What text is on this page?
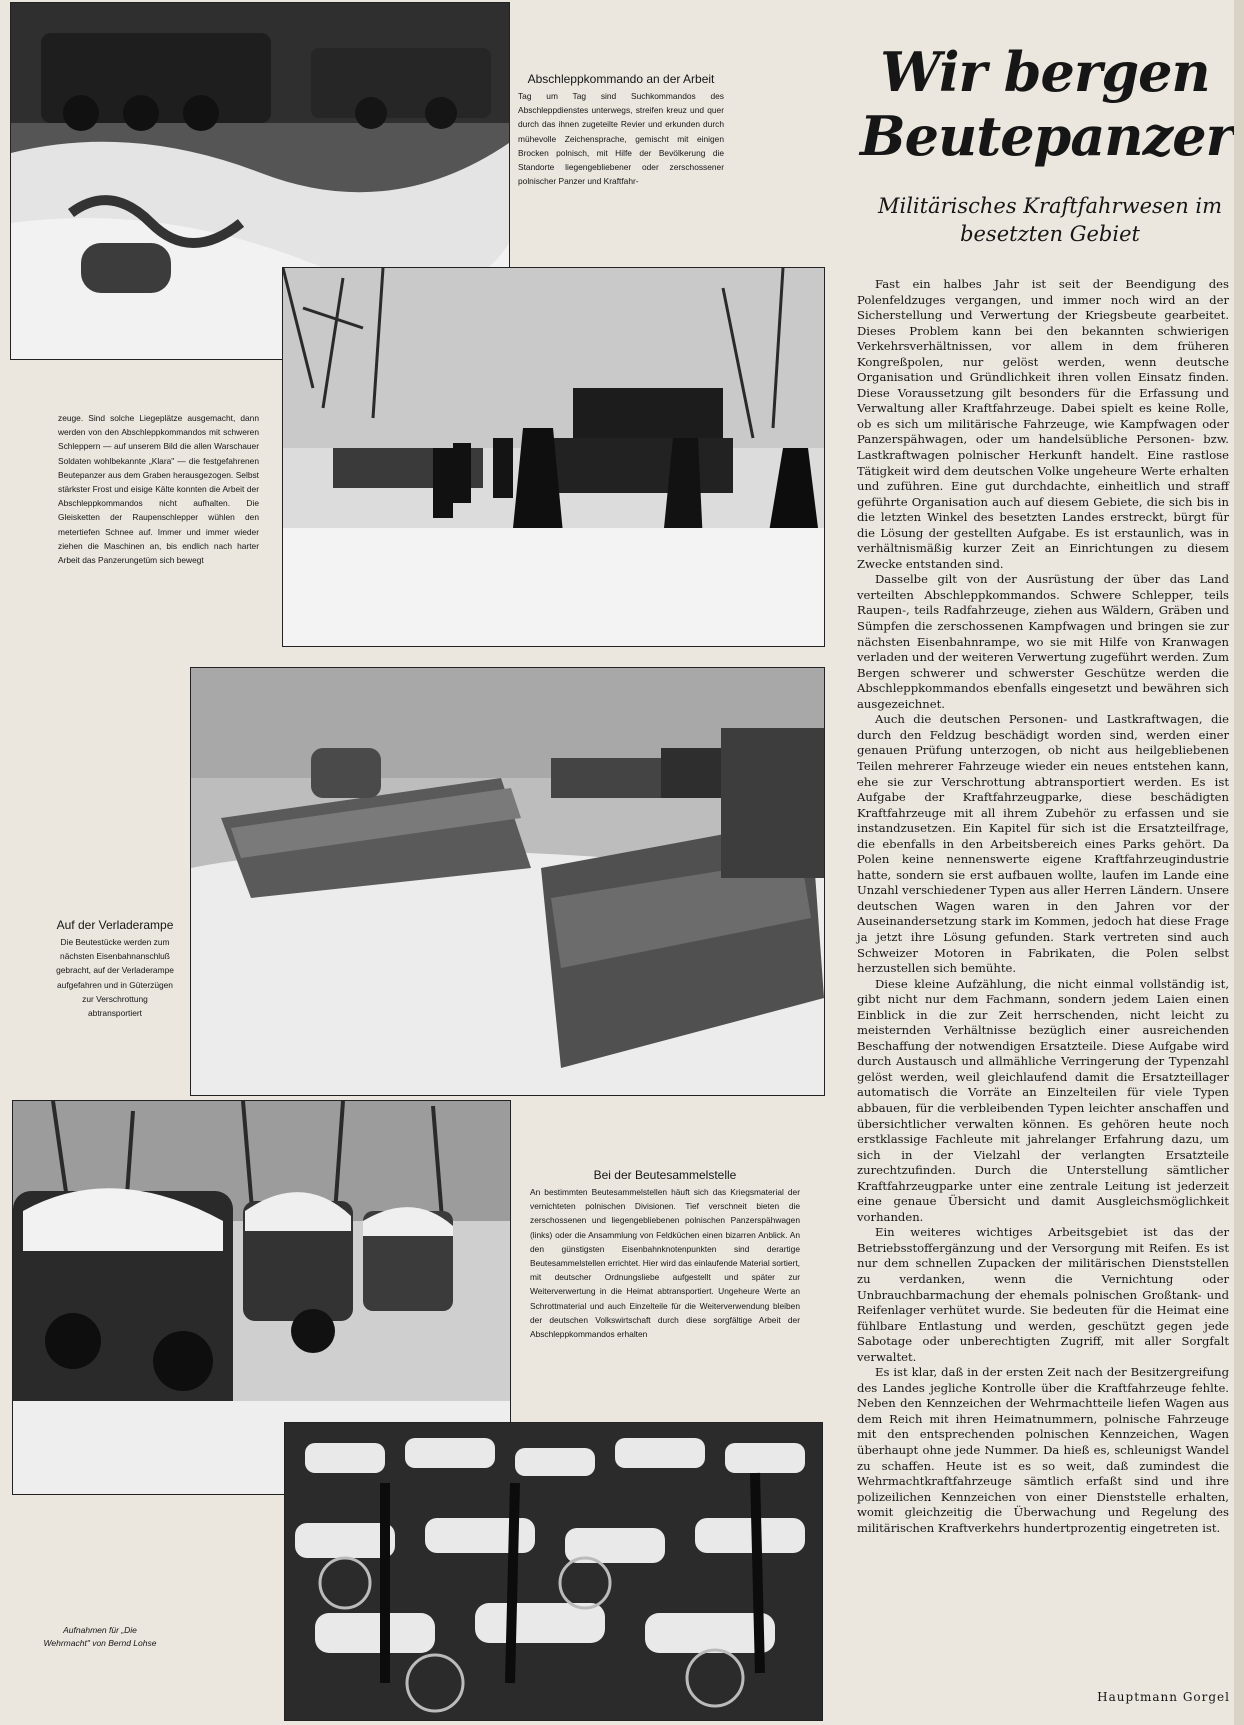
Abschleppkommando an der Arbeit

Tag um Tag sind Suchkommandos des Abschleppdienstes unterwegs, streifen kreuz und quer durch das ihnen zugeteilte Revier und erkunden durch mühevolle Zeichensprache, gemischt mit einigen Brocken polnisch, mit Hilfe der Bevölkerung die Standorte liegengebliebener oder zerschossener polnischer Panzer und Kraftfahr-

zeuge. Sind solche Liegeplätze ausgemacht, dann werden von den Abschleppkommandos mit schweren Schleppern — auf unserem Bild die allen Warschauer Soldaten wohlbekannte „Klara" — die festgefahrenen Beutepanzer aus dem Graben herausgezogen. Selbst stärkster Frost und eisige Kälte konnten die Arbeit der Abschleppkommandos nicht aufhalten. Die Gleisketten der Raupenschlepper wühlen den metertiefen Schnee auf. Immer und immer wieder ziehen die Maschinen an, bis endlich nach harter Arbeit das Panzerungetüm sich bewegt

Auf der Verladerampe

Die Beutestücke werden zum nächsten Eisenbahnanschluß gebracht, auf der Verladerampe aufgefahren und in Güterzügen zur Verschrottung abtransportiert

Bei der Beutesammelstelle

An bestimmten Beutesammelstellen häuft sich das Kriegsmaterial der vernichteten polnischen Divisionen. Tief verschneit bieten die zerschossenen und liegengebliebenen polnischen Panzerspähwagen (links) oder die Ansammlung von Feldküchen einen bizarren Anblick. An den günstigsten Eisenbahnknotenpunkten sind derartige Beutesammelstellen errichtet. Hier wird das einlaufende Material sortiert, mit deutscher Ordnungsliebe aufgestellt und später zur Weiterverwertung in die Heimat abtransportiert. Ungeheure Werte an Schrottmaterial und auch Einzelteile für die Weiterverwendung bleiben der deutschen Volkswirtschaft durch diese sorgfältige Arbeit der Abschleppkommandos erhalten

Aufnahmen für „Die Wehrmacht" von Bernd Lohse
Wir bergen Beutepanzer
Militärisches Kraftfahrwesen im besetzten Gebiet

Fast ein halbes Jahr ist seit der Beendigung des Polenfeldzuges vergangen, und immer noch wird an der Sicherstellung und Verwertung der Kriegsbeute gearbeitet. Dieses Problem kann bei den bekannten schwierigen Verkehrsverhältnissen, vor allem in dem früheren Kongreßpolen, nur gelöst werden, wenn deutsche Organisation und Gründlichkeit ihren vollen Einsatz finden. Diese Voraussetzung gilt besonders für die Erfassung und Verwaltung aller Kraftfahrzeuge. Dabei spielt es keine Rolle, ob es sich um militärische Fahrzeuge, wie Kampfwagen oder Panzerspähwagen, oder um handelsübliche Personen- bzw. Lastkraftwagen polnischer Herkunft handelt. Eine rastlose Tätigkeit wird dem deutschen Volke ungeheure Werte erhalten und zuführen. Eine gut durchdachte, einheitlich und straff geführte Organisation auch auf diesem Gebiete, die sich bis in die letzten Winkel des besetzten Landes erstreckt, bürgt für die Lösung der gestellten Aufgabe. Es ist erstaunlich, was in verhältnismäßig kurzer Zeit an Einrichtungen zu diesem Zwecke entstanden sind.

Dasselbe gilt von der Ausrüstung der über das Land verteilten Abschleppkommandos. Schwere Schlepper, teils Raupen-, teils Radfahrzeuge, ziehen aus Wäldern, Gräben und Sümpfen die zerschossenen Kampfwagen und bringen sie zur nächsten Eisenbahnrampe, wo sie mit Hilfe von Kranwagen verladen und der weiteren Verwertung zugeführt werden. Zum Bergen schwerer und schwerster Geschütze werden die Abschleppkommandos ebenfalls eingesetzt und bewähren sich ausgezeichnet.

Auch die deutschen Personen- und Lastkraftwagen, die durch den Feldzug beschädigt worden sind, werden einer genauen Prüfung unterzogen, ob nicht aus heilgebliebenen Teilen mehrerer Fahrzeuge wieder ein neues entstehen kann, ehe sie zur Verschrottung abtransportiert werden. Es ist Aufgabe der Kraftfahrzeugparke, diese beschädigten Kraftfahrzeuge mit all ihrem Zubehör zu erfassen und sie instandzusetzen. Ein Kapitel für sich ist die Ersatzteilfrage, die ebenfalls in den Arbeitsbereich eines Parks gehört. Da Polen keine nennenswerte eigene Kraftfahrzeugindustrie hatte, sondern sie erst aufbauen wollte, laufen im Lande eine Unzahl verschiedener Typen aus aller Herren Ländern. Unsere deutschen Wagen waren in den Jahren vor der Auseinandersetzung stark im Kommen, jedoch hat diese Frage ja jetzt ihre Lösung gefunden. Stark vertreten sind auch Schweizer Motoren in Fabrikaten, die Polen selbst herzustellen sich bemühte.

Diese kleine Aufzählung, die nicht einmal vollständig ist, gibt nicht nur dem Fachmann, sondern jedem Laien einen Einblick in die zur Zeit herrschenden, nicht leicht zu meisternden Verhältnisse bezüglich einer ausreichenden Beschaffung der notwendigen Ersatzteile. Diese Aufgabe wird durch Austausch und allmähliche Verringerung der Typenzahl gelöst werden, weil gleichlaufend damit die Ersatzteillager automatisch die Vorräte an Einzelteilen für viele Typen abbauen, für die verbleibenden Typen leichter anschaffen und übersichtlicher verwalten können. Es gehören heute noch erstklassige Fachleute mit jahrelanger Erfahrung dazu, um sich in der Vielzahl der verlangten Ersatzteile zurechtzufinden. Durch die Unterstellung sämtlicher Kraftfahrzeugparke unter eine zentrale Leitung ist jederzeit eine genaue Übersicht und damit Ausgleichsmöglichkeit vorhanden.

Ein weiteres wichtiges Arbeitsgebiet ist das der Betriebsstoffergänzung und der Versorgung mit Reifen. Es ist nur dem schnellen Zupacken der militärischen Dienststellen zu verdanken, wenn die Vernichtung oder Unbrauchbarmachung der ehemals polnischen Großtank- und Reifenlager verhütet wurde. Sie bedeuten für die Heimat eine fühlbare Entlastung und werden, geschützt gegen jede Sabotage oder unberechtigten Zugriff, mit aller Sorgfalt verwaltet.

Es ist klar, daß in der ersten Zeit nach der Besitzergreifung des Landes jegliche Kontrolle über die Kraftfahrzeuge fehlte. Neben den Kennzeichen der Wehrmachtteile liefen Wagen aus dem Reich mit ihren Heimatnummern, polnische Fahrzeuge mit den entsprechenden polnischen Kennzeichen, Wagen überhaupt ohne jede Nummer. Da hieß es, schleunigst Wandel zu schaffen. Heute ist es so weit, daß zumindest die Wehrmachtkraftfahrzeuge sämtlich erfaßt sind und ihre polizeilichen Kennzeichen von einer Dienststelle erhalten, womit gleichzeitig die Überwachung und Regelung des militärischen Kraftverkehrs hundertprozentig eingetreten ist.

Hauptmann Gorgel
